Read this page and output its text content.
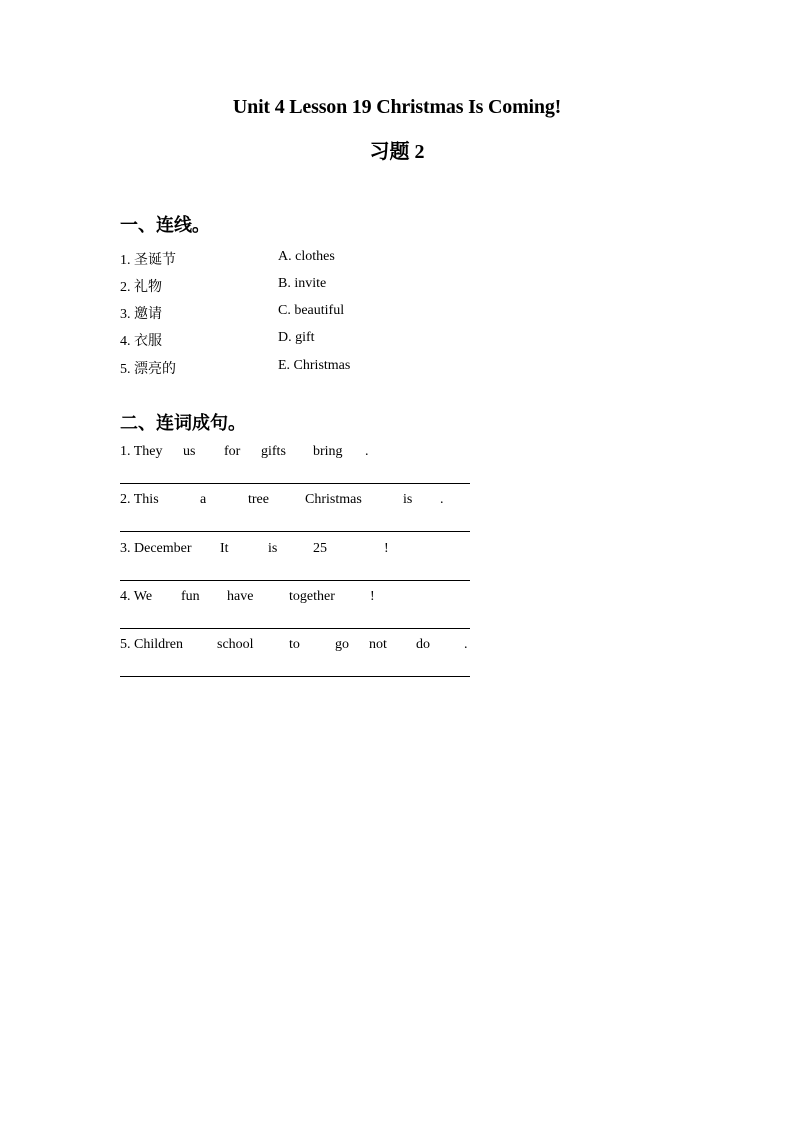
Unit 4 Lesson 19 Christmas Is Coming!
习题 2
一、连线。
1. 圣诞节	A. clothes
2. 礼物	B. invite
3. 邀请	C. beautiful
4. 衣服	D. gift
5. 漂亮的	E. Christmas
二、连词成句。
1. They us for gifts bring .
2. This	a	tree	Christmas	is .
3. December It	is	25	!
4. We fun have	together	!
5. Children school	to	go not do .
